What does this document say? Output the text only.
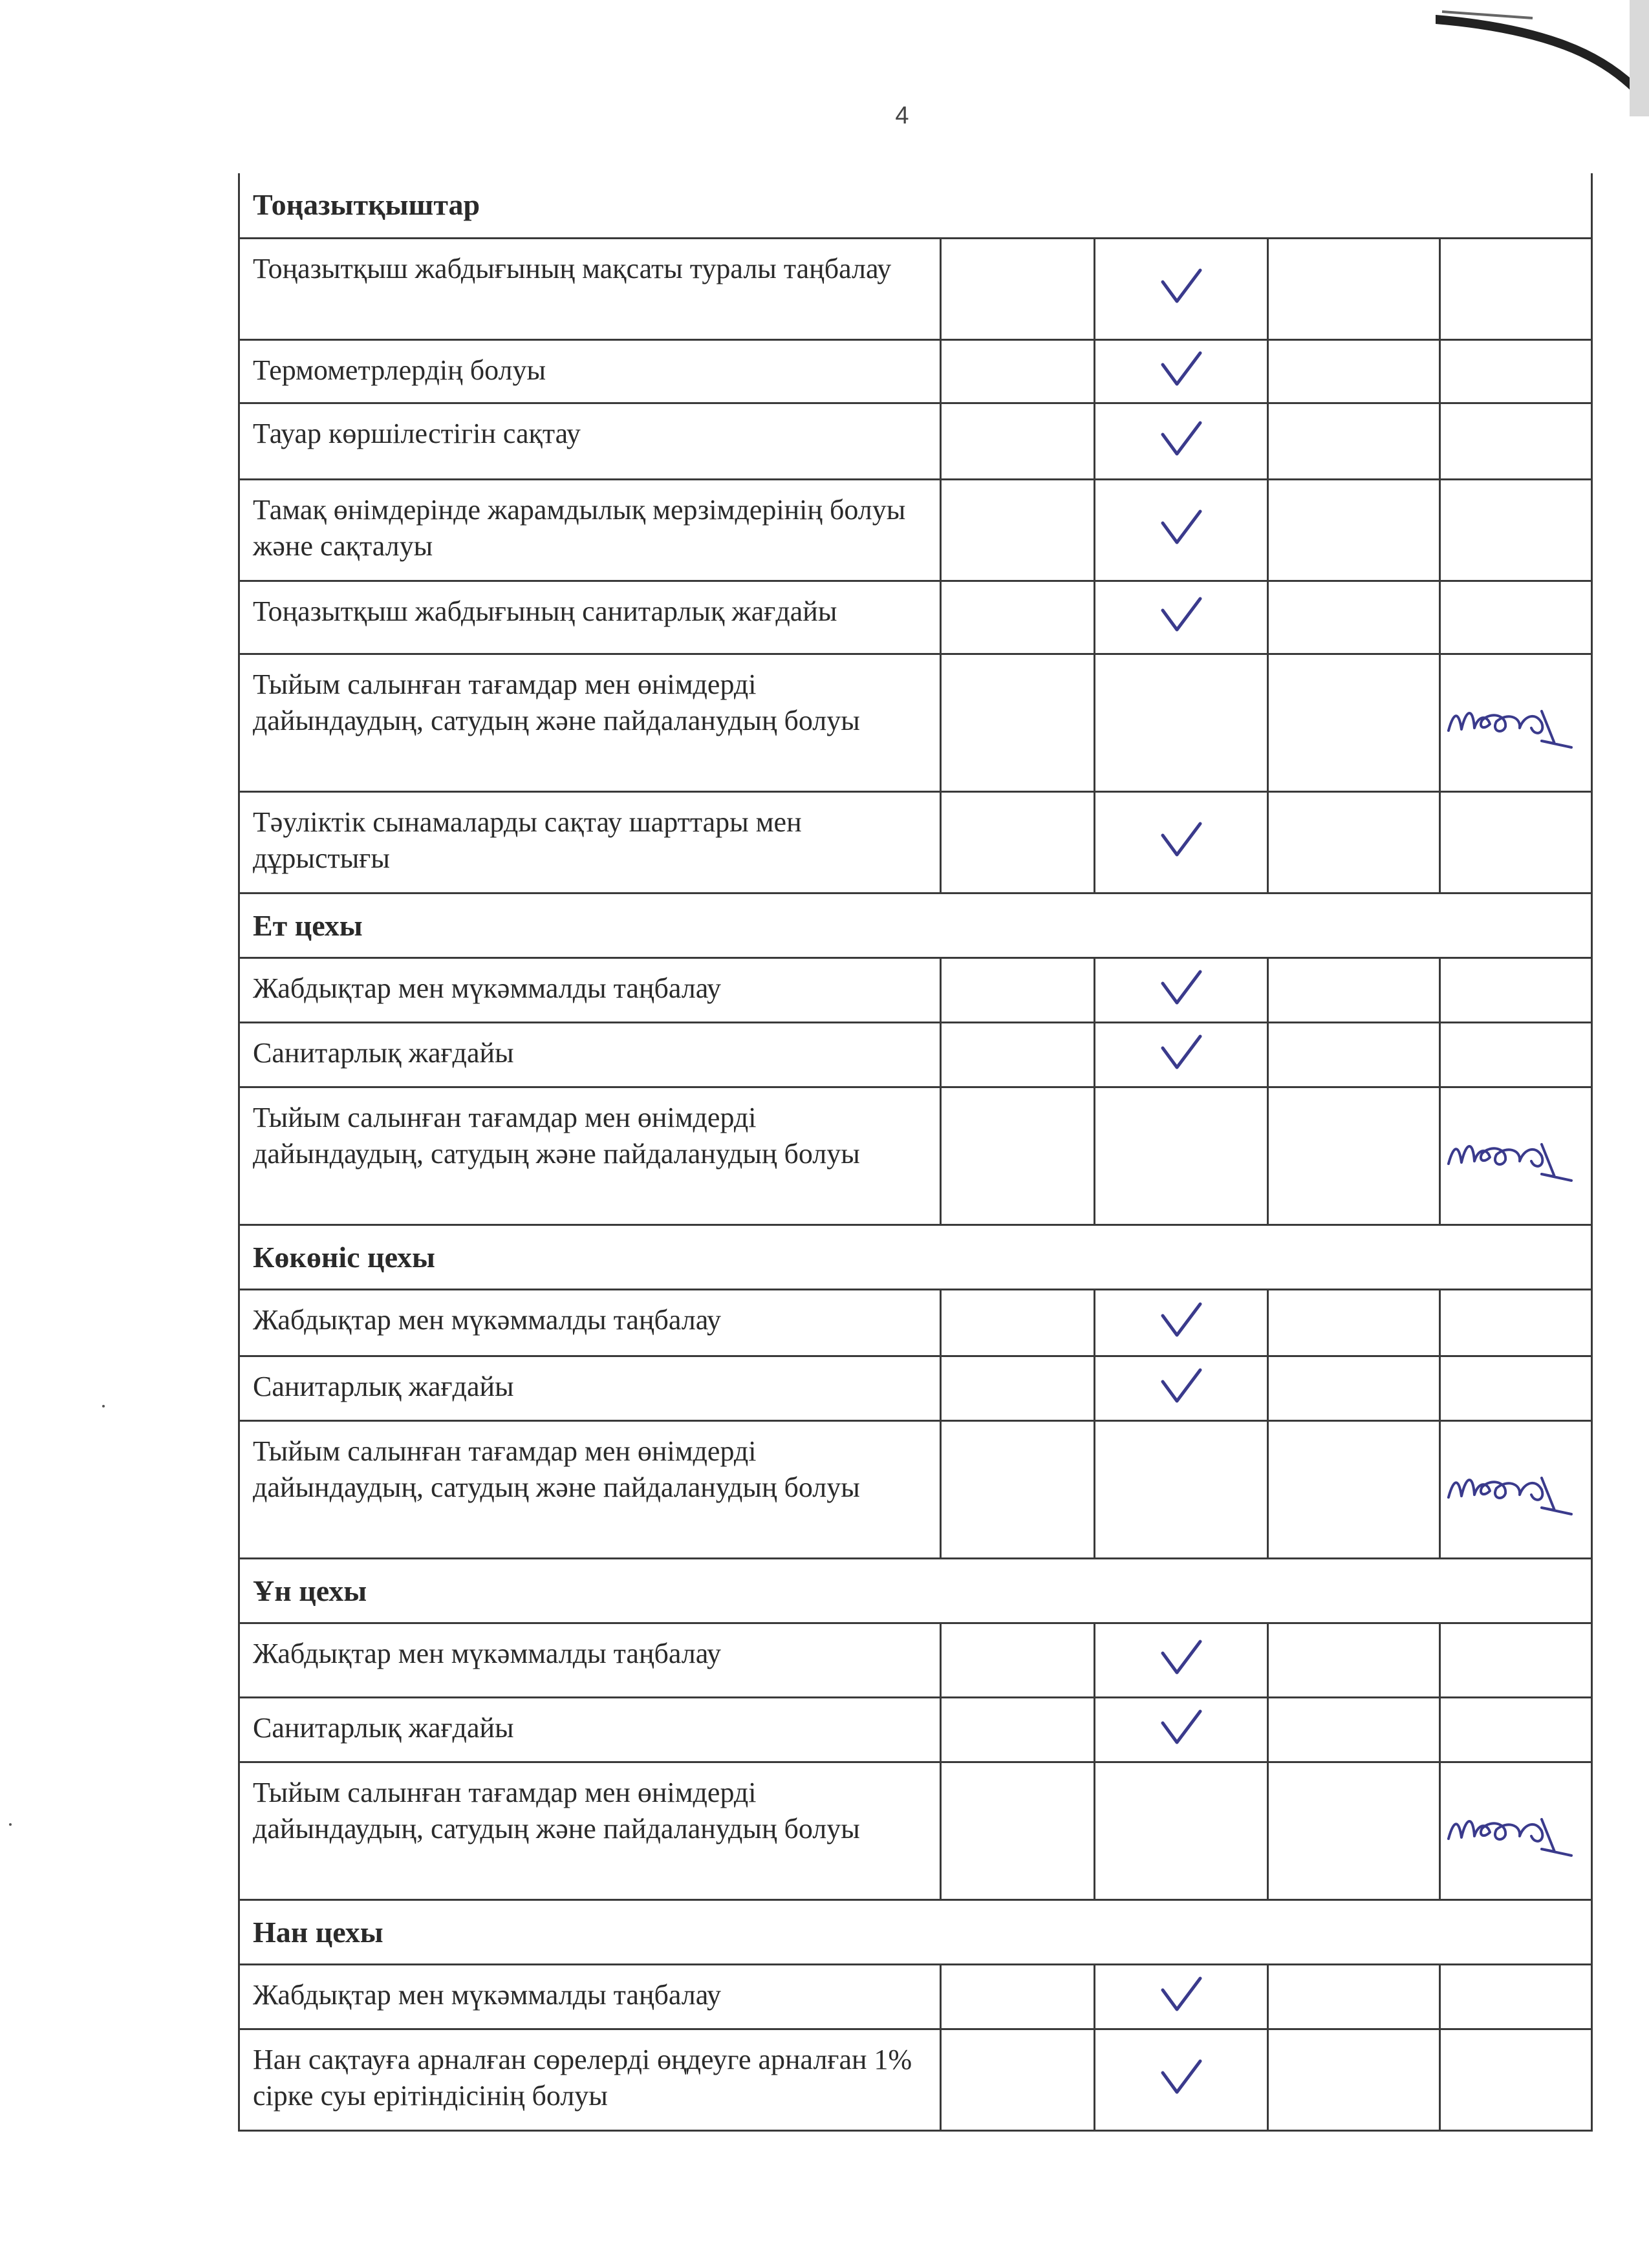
4
Тоңазытқыштар				
Тоңазытқыш жабдығының мақсаты туралы таңбалау		

Термометрлердің болуы		

Тауар көршілестігін сақтау		

Тамақ өнімдерінде жарамдылық мерзімдерінің болуы және сақталуы		

Тоңазытқыш жабдығының санитарлық жағдайы		

Тыйым салынған тағамдар мен өнімдерді дайындаудың, сатудың және пайдаланудың болуы				

Тәуліктік сынамаларды сақтау шарттары мен дұрыстығы		

Ет цехы				
Жабдықтар мен мүкәммалды таңбалау		

Санитарлық жағдайы		

Тыйым салынған тағамдар мен өнімдерді дайындаудың, сатудың және пайдаланудың болуы				

Көкөніс цехы				
Жабдықтар мен мүкәммалды таңбалау		

Санитарлық жағдайы		

Тыйым салынған тағамдар мен өнімдерді дайындаудың, сатудың және пайдаланудың болуы				

Ұн цехы				
Жабдықтар мен мүкәммалды таңбалау		

Санитарлық жағдайы		

Тыйым салынған тағамдар мен өнімдерді дайындаудың, сатудың және пайдаланудың болуы				

Нан цехы				
Жабдықтар мен мүкәммалды таңбалау		

Нан сақтауға арналған сөрелерді өңдеуге арналған 1% сірке суы ерітіндісінің болуы		
